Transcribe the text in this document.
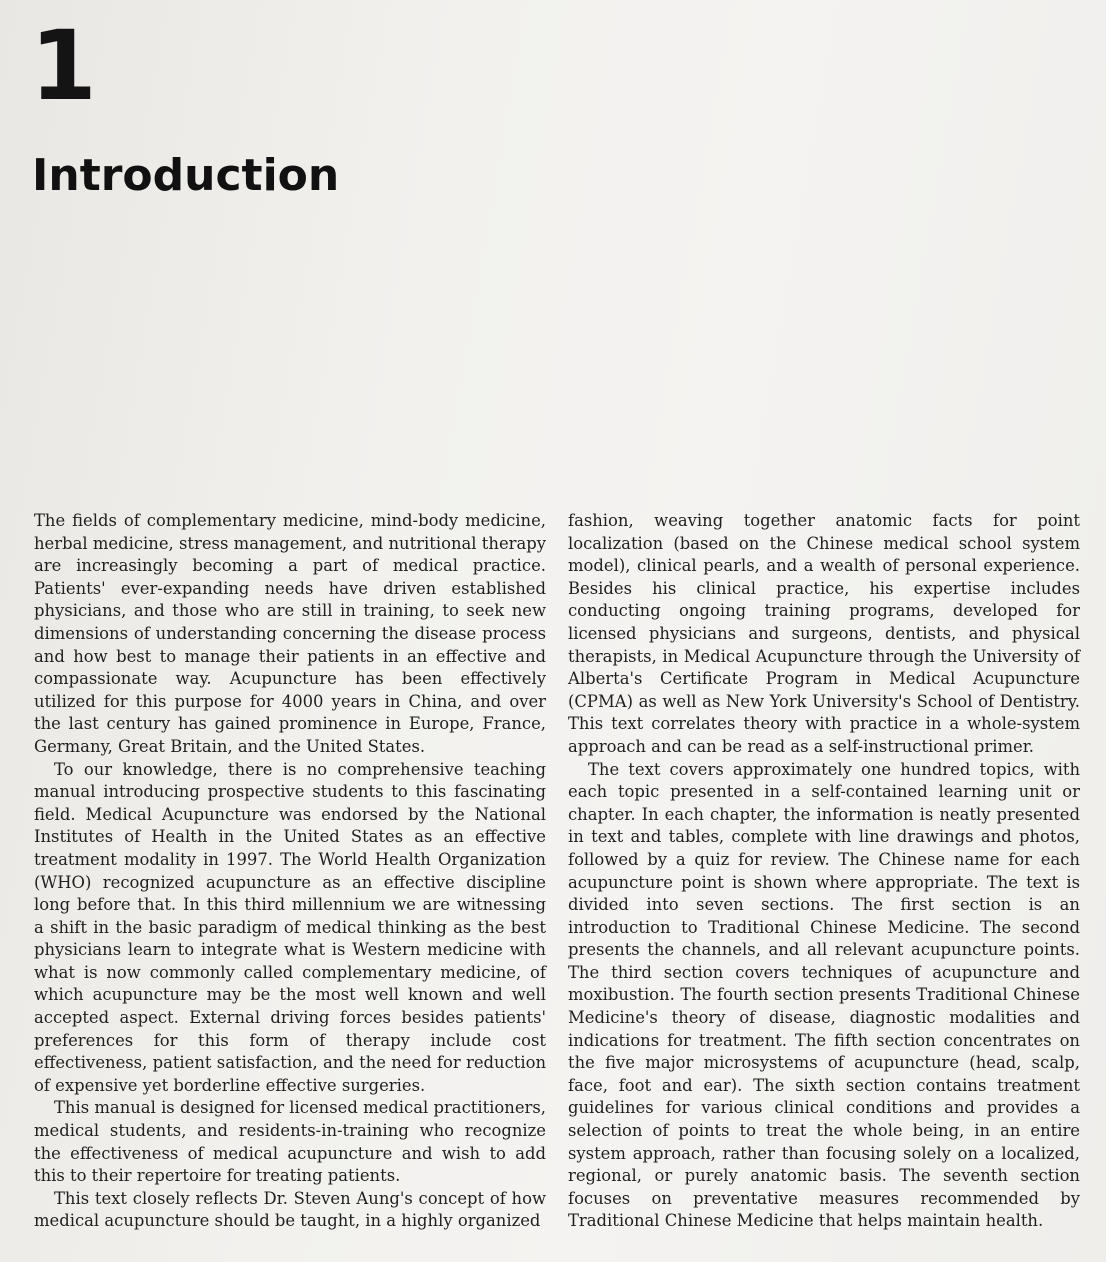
1
Introduction

The fields of complementary medicine, mind-body medicine, herbal medicine, stress management, and nutritional therapy are increasingly becoming a part of medical practice. Patients' ever-expanding needs have driven established physicians, and those who are still in training, to seek new dimensions of understanding concerning the disease process and how best to manage their patients in an effective and compassionate way. Acupuncture has been effectively utilized for this purpose for 4000 years in China, and over the last century has gained prominence in Europe, France, Germany, Great Britain, and the United States.

To our knowledge, there is no comprehensive teaching manual introducing prospective students to this fascinating field. Medical Acupuncture was endorsed by the National Institutes of Health in the United States as an effective treatment modality in 1997. The World Health Organization (WHO) recognized acupuncture as an effective discipline long before that. In this third millennium we are witnessing a shift in the basic paradigm of medical thinking as the best physicians learn to integrate what is Western medicine with what is now commonly called complementary medicine, of which acupuncture may be the most well known and well accepted aspect. External driving forces besides patients' preferences for this form of therapy include cost effectiveness, patient satisfaction, and the need for reduction of expensive yet borderline effective surgeries.

This manual is designed for licensed medical practitioners, medical students, and residents-in-training who recognize the effectiveness of medical acupuncture and wish to add this to their repertoire for treating patients.

This text closely reflects Dr. Steven Aung's concept of how medical acupuncture should be taught, in a highly organized

fashion, weaving together anatomic facts for point localization (based on the Chinese medical school system model), clinical pearls, and a wealth of personal experience. Besides his clinical practice, his expertise includes conducting ongoing training programs, developed for licensed physicians and surgeons, dentists, and physical therapists, in Medical Acupuncture through the University of Alberta's Certificate Program in Medical Acupuncture (CPMA) as well as New York University's School of Dentistry. This text correlates theory with practice in a whole-system approach and can be read as a self-instructional primer.

The text covers approximately one hundred topics, with each topic presented in a self-contained learning unit or chapter. In each chapter, the information is neatly presented in text and tables, complete with line drawings and photos, followed by a quiz for review. The Chinese name for each acupuncture point is shown where appropriate. The text is divided into seven sections. The first section is an introduction to Traditional Chinese Medicine. The second presents the channels, and all relevant acupuncture points. The third section covers techniques of acupuncture and moxibustion. The fourth section presents Traditional Chinese Medicine's theory of disease, diagnostic modalities and indications for treatment. The fifth section concentrates on the five major microsystems of acupuncture (head, scalp, face, foot and ear). The sixth section contains treatment guidelines for various clinical conditions and provides a selection of points to treat the whole being, in an entire system approach, rather than focusing solely on a localized, regional, or purely anatomic basis. The seventh section focuses on preventative measures recommended by Traditional Chinese Medicine that helps maintain health.
